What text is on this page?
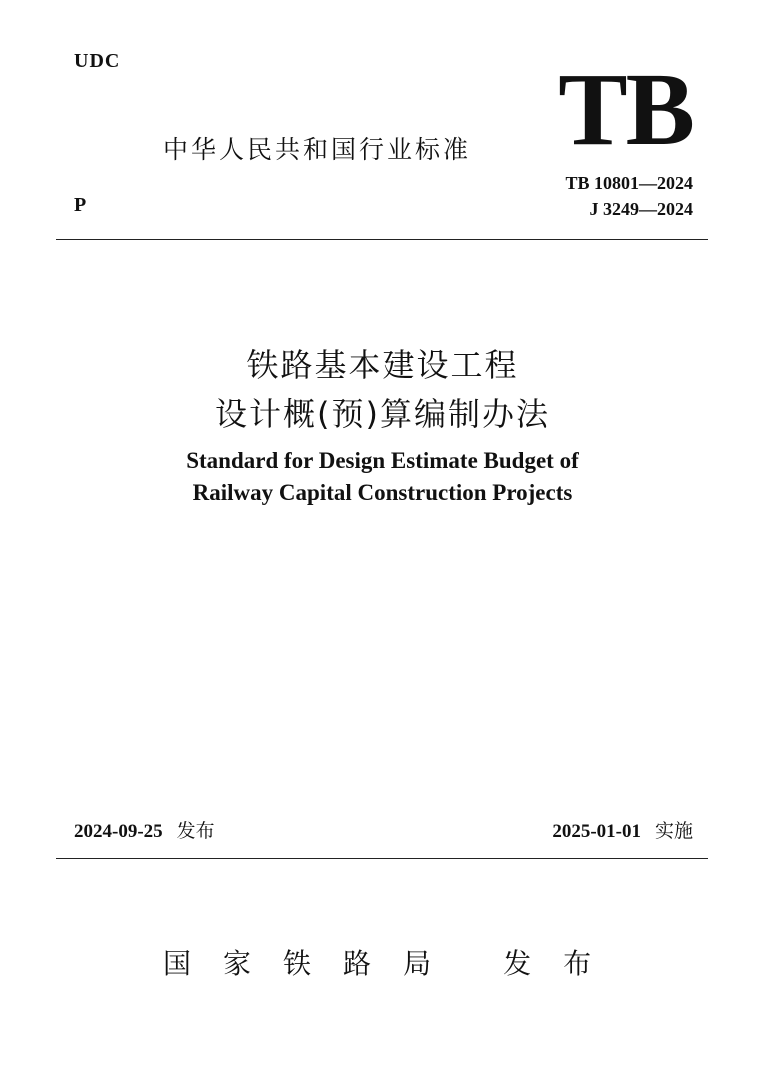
UDC
P
TB
中华人民共和国行业标准
TB 10801—2024
J 3249—2024
铁路基本建设工程
设计概(预)算编制办法
Standard for Design Estimate Budget of
Railway Capital Construction Projects
2024-09-25 发布	2025-01-01 实施
国 家 铁 路 局	发 布
